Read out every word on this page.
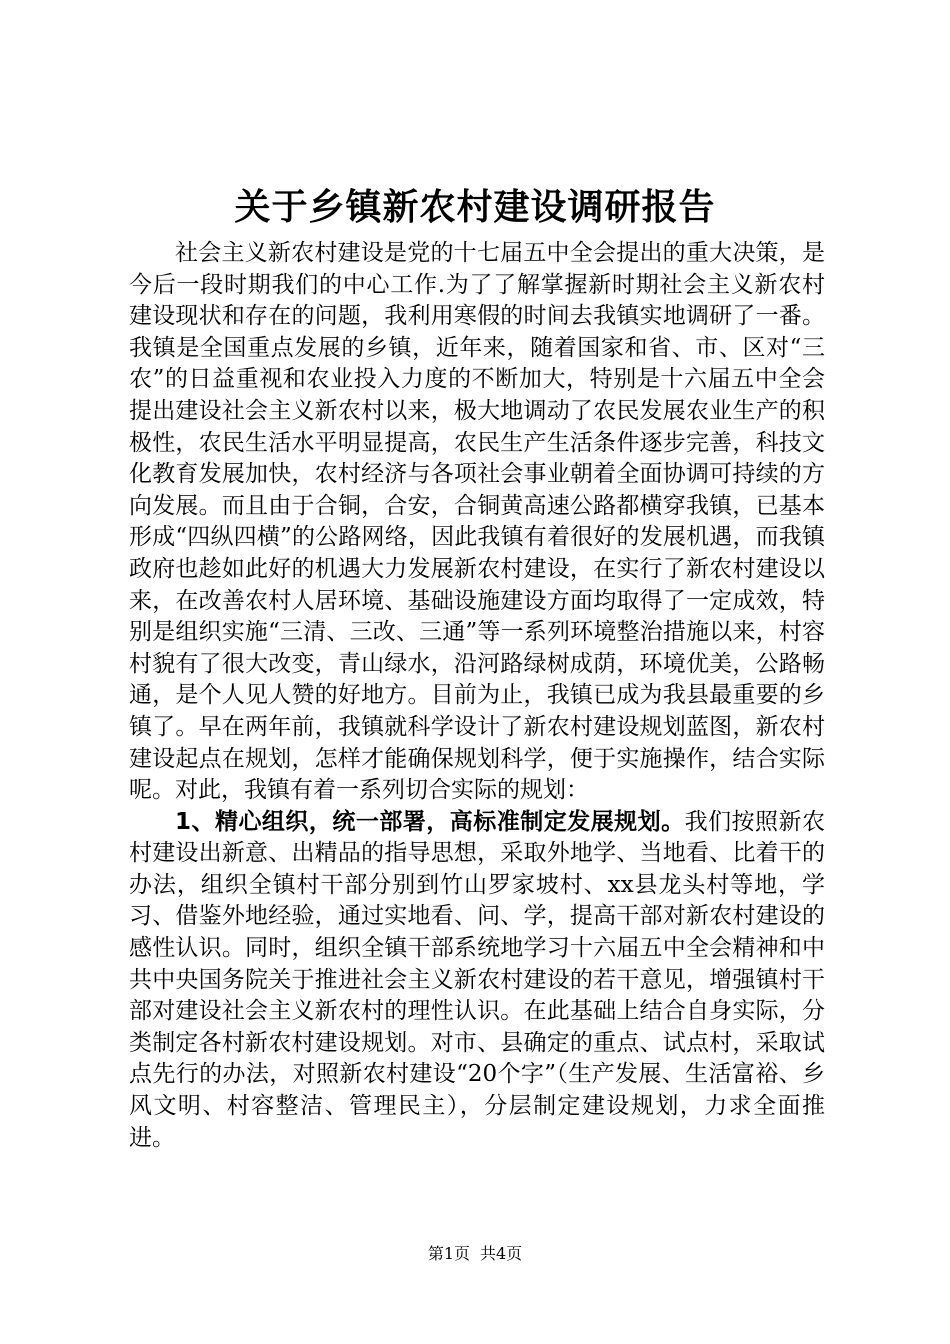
关于乡镇新农村建设调研报告

社会主义新农村建设是党的十七届五中全会提出的重大决策，是今后一段时期我们的中心工作.为了了解掌握新时期社会主义新农村建设现状和存在的问题，我利用寒假的时间去我镇实地调研了一番。我镇是全国重点发展的乡镇，近年来，随着国家和省、市、区对“三农”的日益重视和农业投入力度的不断加大，特别是十六届五中全会提出建设社会主义新农村以来，极大地调动了农民发展农业生产的积极性，农民生活水平明显提高，农民生产生活条件逐步完善，科技文化教育发展加快，农村经济与各项社会事业朝着全面协调可持续的方向发展。而且由于合铜，合安，合铜黄高速公路都横穿我镇，已基本形成“四纵四横”的公路网络，因此我镇有着很好的发展机遇，而我镇政府也趁如此好的机遇大力发展新农村建设，在实行了新农村建设以来，在改善农村人居环境、基础设施建设方面均取得了一定成效，特别是组织实施“三清、三改、三通”等一系列环境整治措施以来，村容村貌有了很大改变，青山绿水，沿河路绿树成荫，环境优美，公路畅通，是个人见人赞的好地方。目前为止，我镇已成为我县最重要的乡镇了。早在两年前，我镇就科学设计了新农村建设规划蓝图，新农村建设起点在规划，怎样才能确保规划科学，便于实施操作，结合实际呢。对此，我镇有着一系列切合实际的规划：

1、精心组织，统一部署，高标准制定发展规划。我们按照新农村建设出新意、出精品的指导思想，采取外地学、当地看、比着干的办法，组织全镇村干部分别到竹山罗家坡村、xx县龙头村等地，学习、借鉴外地经验，通过实地看、问、学，提高干部对新农村建设的感性认识。同时，组织全镇干部系统地学习十六届五中全会精神和中共中央国务院关于推进社会主义新农村建设的若干意见，增强镇村干部对建设社会主义新农村的理性认识。在此基础上结合自身实际，分类制定各村新农村建设规划。对市、县确定的重点、试点村，采取试点先行的办法，对照新农村建设“20个字”（生产发展、生活富裕、乡风文明、村容整洁、管理民主），分层制定建设规划，力求全面推进。

第1页 共4页
